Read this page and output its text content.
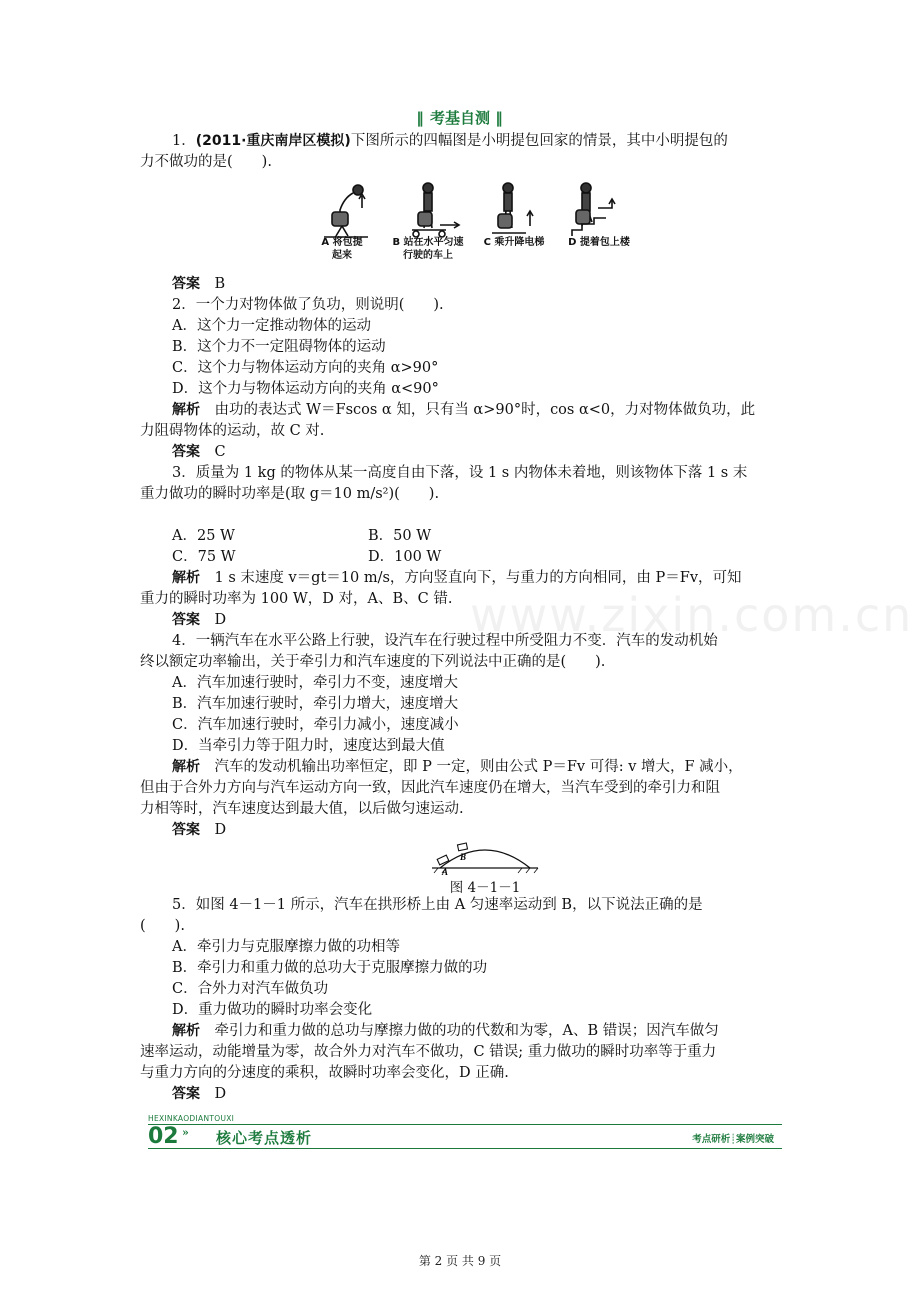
www.zixin.com.cn
‖ 考基自测 ‖

1．(2011·重庆南岸区模拟)下图所示的四幅图是小明提包回家的情景，其中小明提包的

力不做功的是(　　).

A 将包提
起来
B 站在水平匀速
行驶的车上
C 乘升降电梯	D 提着包上楼

答案　 B

2．一个力对物体做了负功，则说明(　　).

A．这个力一定推动物体的运动

B．这个力不一定阻碍物体的运动

C．这个力与物体运动方向的夹角 α>90°

D．这个力与物体运动方向的夹角 α<90°

解析　 由功的表达式 W＝Fscos α 知，只有当 α>90°时，cos α<0，力对物体做负功，此

力阻碍物体的运动，故 C 对.

答案　 C

3．质量为 1 kg 的物体从某一高度自由下落，设 1 s 内物体未着地，则该物体下落 1 s 末

重力做功的瞬时功率是(取 g＝10 m/s²)(　　).

A．25 W	B．50 W

C．75 W	D．100 W

解析　 1 s 末速度 v＝gt＝10 m/s，方向竖直向下，与重力的方向相同，由 P＝Fv，可知

重力的瞬时功率为 100 W，D 对，A、B、C 错.

答案　 D

4．一辆汽车在水平公路上行驶，设汽车在行驶过程中所受阻力不变．汽车的发动机始

终以额定功率输出，关于牵引力和汽车速度的下列说法中正确的是(　　).

A．汽车加速行驶时，牵引力不变，速度增大

B．汽车加速行驶时，牵引力增大，速度增大

C．汽车加速行驶时，牵引力减小，速度减小

D．当牵引力等于阻力时，速度达到最大值

解析　 汽车的发动机输出功率恒定，即 P 一定，则由公式 P＝Fv 可得: v 增大，F 减小，

但由于合外力方向与汽车运动方向一致，因此汽车速度仍在增大，当汽车受到的牵引力和阻

力相等时，汽车速度达到最大值，以后做匀速运动.

答案　 D

A
B
图 4－1－1

5．如图 4－1－1 所示，汽车在拱形桥上由 A 匀速率运动到 B，以下说法正确的是

(　　).

A．牵引力与克服摩擦力做的功相等

B．牵引力和重力做的总功大于克服摩擦力做的功

C．合外力对汽车做负功

D．重力做功的瞬时功率会变化

解析　 牵引力和重力做的总功与摩擦力做的功的代数和为零，A、B 错误；因汽车做匀

速率运动，动能增量为零，故合外力对汽车不做功，C 错误; 重力做功的瞬时功率等于重力

与重力方向的分速度的乘积，故瞬时功率会变化，D 正确.

答案　 D

HEXINKAODIANTOUXI
02 » 核心考点透析	考点研析┊案例突破
第 2 页 共 9 页
